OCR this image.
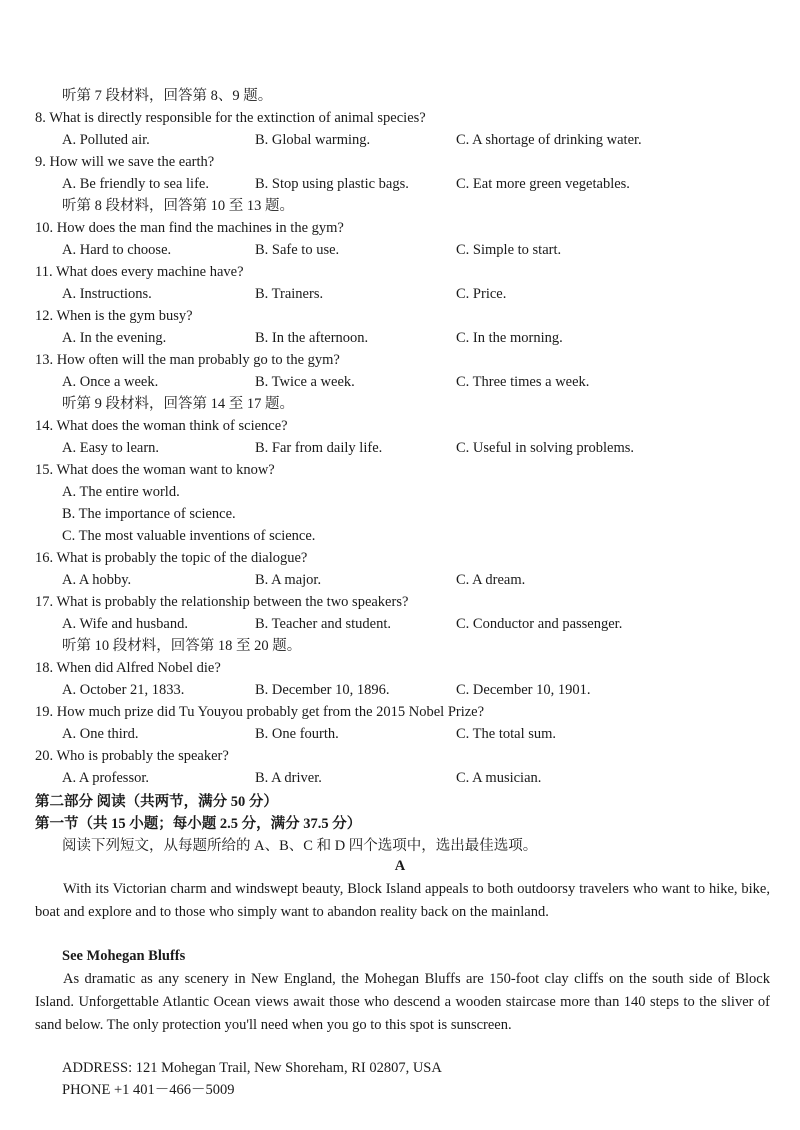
听第 7 段材料，回答第 8、9 题。
8. What is directly responsible for the extinction of animal species?
A. Polluted air.	B. Global warming.	C. A shortage of drinking water.
9. How will we save the earth?
A. Be friendly to sea life.	B. Stop using plastic bags.	C. Eat more green vegetables.
听第 8 段材料，回答第 10 至 13 题。
10. How does the man find the machines in the gym?
A. Hard to choose.	B. Safe to use.	C. Simple to start.
11. What does every machine have?
A. Instructions.	B. Trainers.	C. Price.
12. When is the gym busy?
A. In the evening.	B. In the afternoon.	C. In the morning.
13. How often will the man probably go to the gym?
A. Once a week.	B. Twice a week.	C. Three times a week.
听第 9 段材料，回答第 14 至 17 题。
14. What does the woman think of science?
A. Easy to learn.	B. Far from daily life.	C. Useful in solving problems.
15. What does the woman want to know?
A. The entire world.
B. The importance of science.
C. The most valuable inventions of science.
16. What is probably the topic of the dialogue?
A. A hobby.	B. A major.	C. A dream.
17. What is probably the relationship between the two speakers?
A. Wife and husband.	B. Teacher and student.	C. Conductor and passenger.
听第 10 段材料，回答第 18 至 20 题。
18. When did Alfred Nobel die?
A. October 21, 1833.	B. December 10, 1896.	C. December 10, 1901.
19. How much prize did Tu Youyou probably get from the 2015 Nobel Prize?
A. One third.	B. One fourth.	C. The total sum.
20. Who is probably the speaker?
A. A professor.	B. A driver.	C. A musician.
第二部分 阅读（共两节，满分 50 分）
第一节（共 15 小题；每小题 2.5 分，满分 37.5 分）
阅读下列短文，从每题所给的 A、B、C 和 D 四个选项中，选出最佳选项。
A
With its Victorian charm and windswept beauty, Block Island appeals to both outdoorsy travelers who want to hike, bike, boat and explore and to those who simply want to abandon reality back on the mainland.
See Mohegan Bluffs
As dramatic as any scenery in New England, the Mohegan Bluffs are 150-foot clay cliffs on the south side of Block Island. Unforgettable Atlantic Ocean views await those who descend a wooden staircase more than 140 steps to the sliver of sand below. The only protection you'll need when you go to this spot is sunscreen.
ADDRESS: 121 Mohegan Trail, New Shoreham, RI 02807, USA
PHONE +1 401－466－5009
